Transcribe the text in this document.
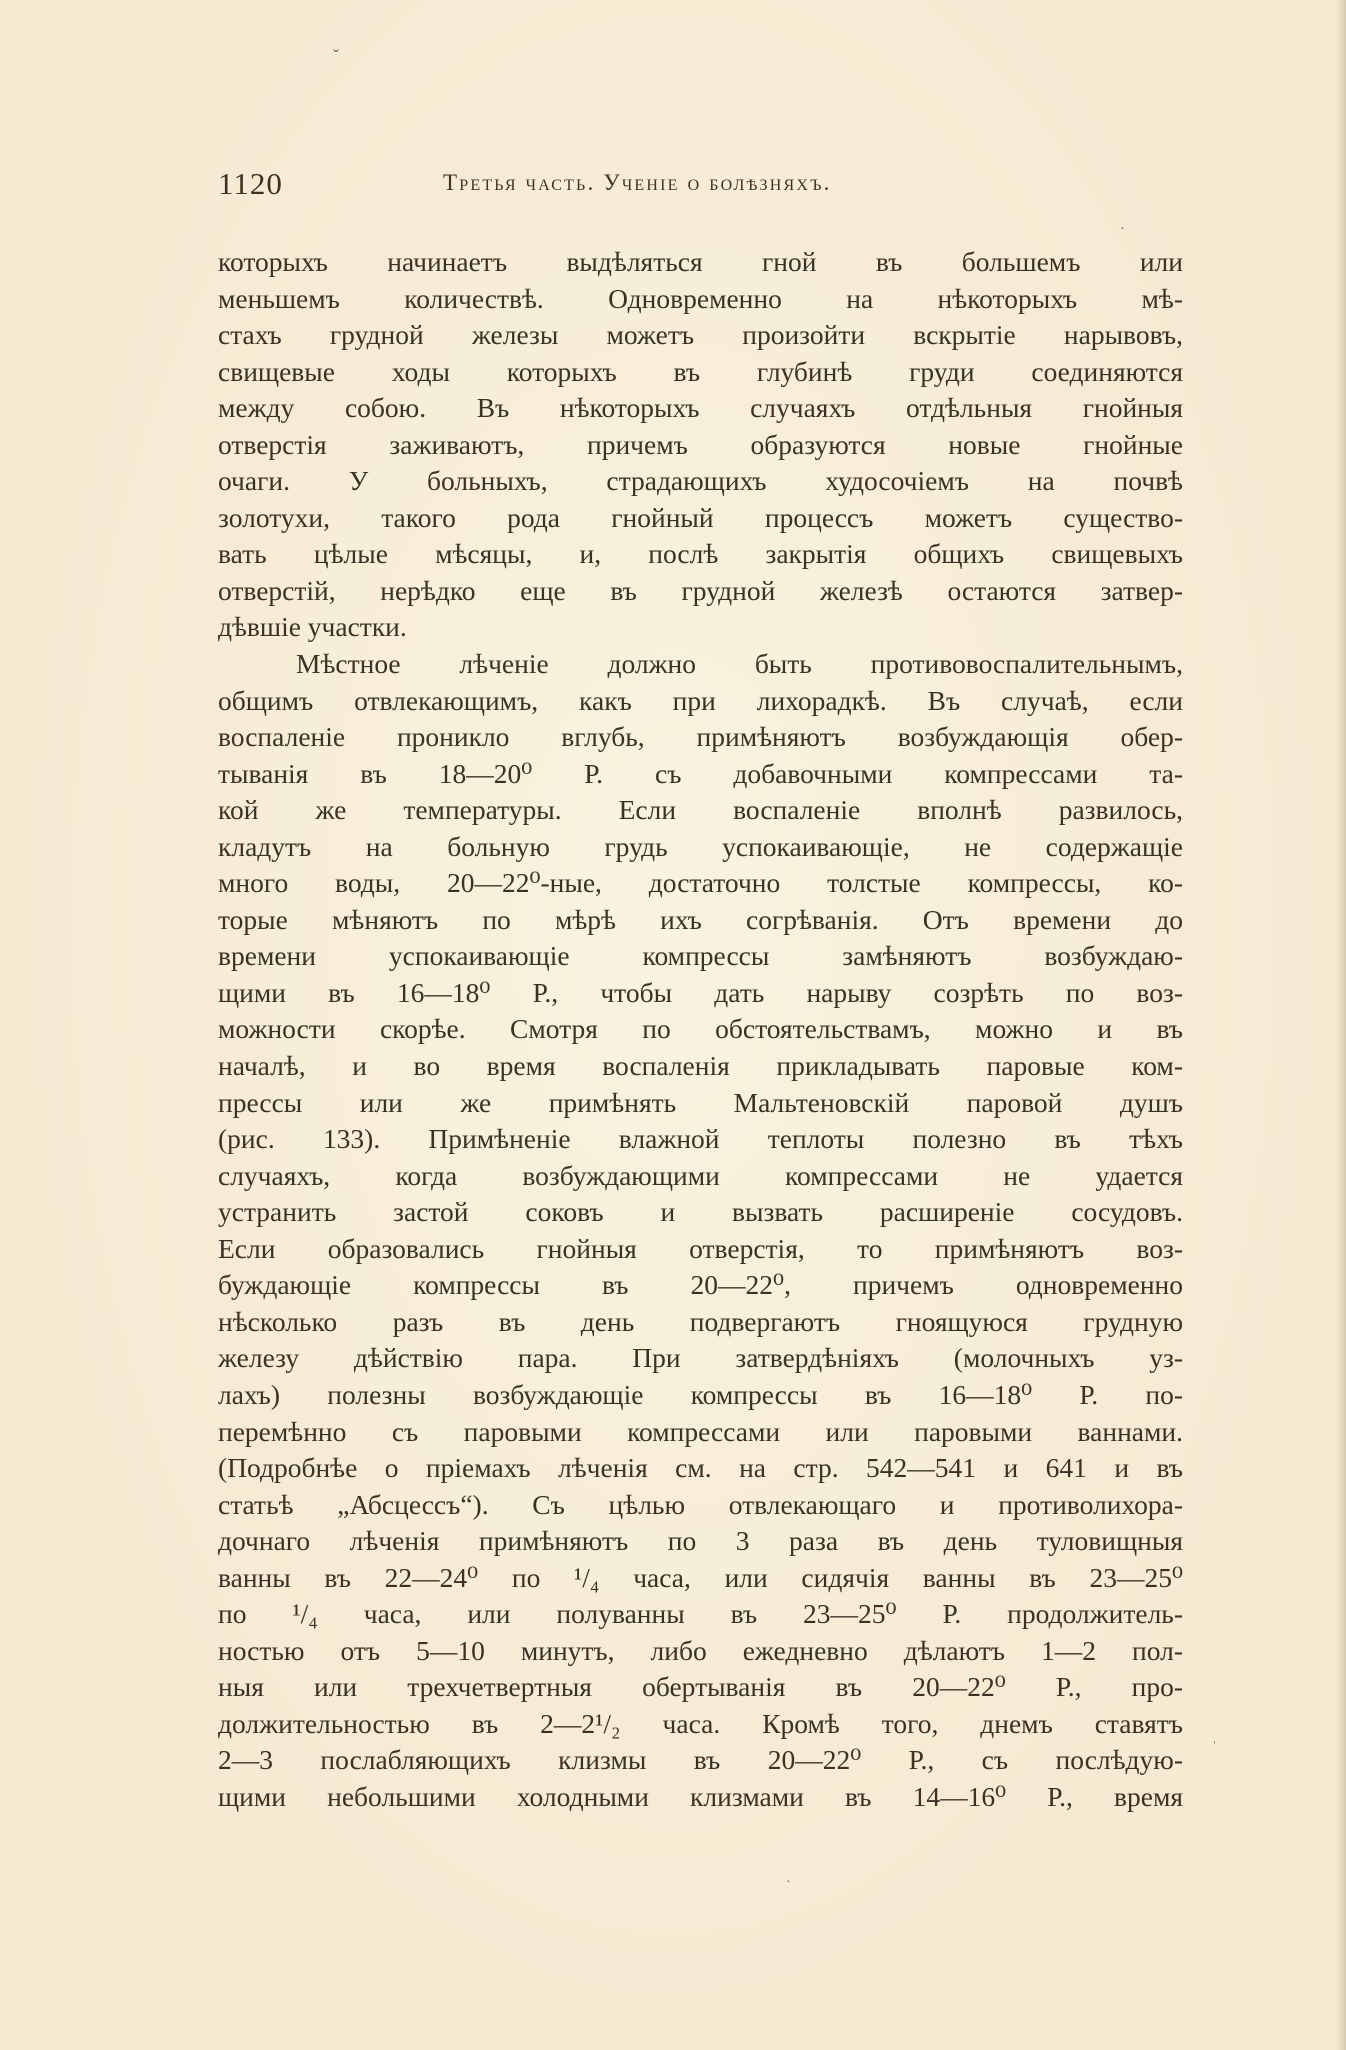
ˇ
1120	Третья часть. Ученіе о болѣзняхъ.
которыхъ начинаетъ выдѣляться гной въ большемъ или
меньшемъ количествѣ. Одновременно на нѣкоторыхъ мѣ-
стахъ грудной железы можетъ произойти вскрытіе нарывовъ,
свищевые ходы которыхъ въ глубинѣ груди соединяются
между собою. Въ нѣкоторыхъ случаяхъ отдѣльныя гнойныя
отверстія заживаютъ, причемъ образуются новые гнойные
очаги. У больныхъ, страдающихъ худосочіемъ на почвѣ
золотухи, такого рода гнойный процессъ можетъ существо-
вать цѣлые мѣсяцы, и, послѣ закрытія общихъ свищевыхъ
отверстій, нерѣдко еще въ грудной железѣ остаются затвер-
дѣвшіе участки.
Мѣстное лѣченіе должно быть противовоспалительнымъ,
общимъ отвлекающимъ, какъ при лихорадкѣ. Въ случаѣ, если
воспаленіе проникло вглубь, примѣняютъ возбуждающія обер-
тыванія въ 18—20⁰ Р. съ добавочными компрессами та-
кой же температуры. Если воспаленіе вполнѣ развилось,
кладутъ на больную грудь успокаивающіе, не содержащіе
много воды, 20—22⁰-ные, достаточно толстые компрессы, ко-
торые мѣняютъ по мѣрѣ ихъ согрѣванія. Отъ времени до
времени успокаивающіе компрессы замѣняютъ возбуждаю-
щими въ 16—18⁰ Р., чтобы дать нарыву созрѣть по воз-
можности скорѣе. Смотря по обстоятельствамъ, можно и въ
началѣ, и во время воспаленія прикладывать паровые ком-
прессы или же примѣнять Мальтеновскій паровой душъ
(рис. 133). Примѣненіе влажной теплоты полезно въ тѣхъ
случаяхъ, когда возбуждающими компрессами не удается
устранить застой соковъ и вызвать расширеніе сосудовъ.
Если образовались гнойныя отверстія, то примѣняютъ воз-
буждающіе компрессы въ 20—22⁰, причемъ одновременно
нѣсколько разъ въ день подвергаютъ гноящуюся грудную
железу дѣйствію пара. При затвердѣніяхъ (молочныхъ уз-
лахъ) полезны возбуждающіе компрессы въ 16—18⁰ Р. по-
перемѣнно съ паровыми компрессами или паровыми ваннами.
(Подробнѣе о пріемахъ лѣченія см. на стр. 542—541 и 641 и въ
статьѣ „Абсцессъ“). Съ цѣлью отвлекающаго и противолихора-
дочнаго лѣченія примѣняютъ по 3 раза въ день туловищныя
ванны въ 22—24⁰ по ¹/₄ часа, или сидячія ванны въ 23—25⁰
по ¹/₄ часа, или полуванны въ 23—25⁰ Р. продолжитель-
ностью отъ 5—10 минутъ, либо ежедневно дѣлаютъ 1—2 пол-
ныя или трехчетвертныя обертыванія въ 20—22⁰ Р., про-
должительностью въ 2—2¹/₂ часа. Кромѣ того, днемъ ставятъ
2—3 послабляющихъ клизмы въ 20—22⁰ Р., съ послѣдую-
щими небольшими холодными клизмами въ 14—16⁰ Р., время
·
ˈ
·
